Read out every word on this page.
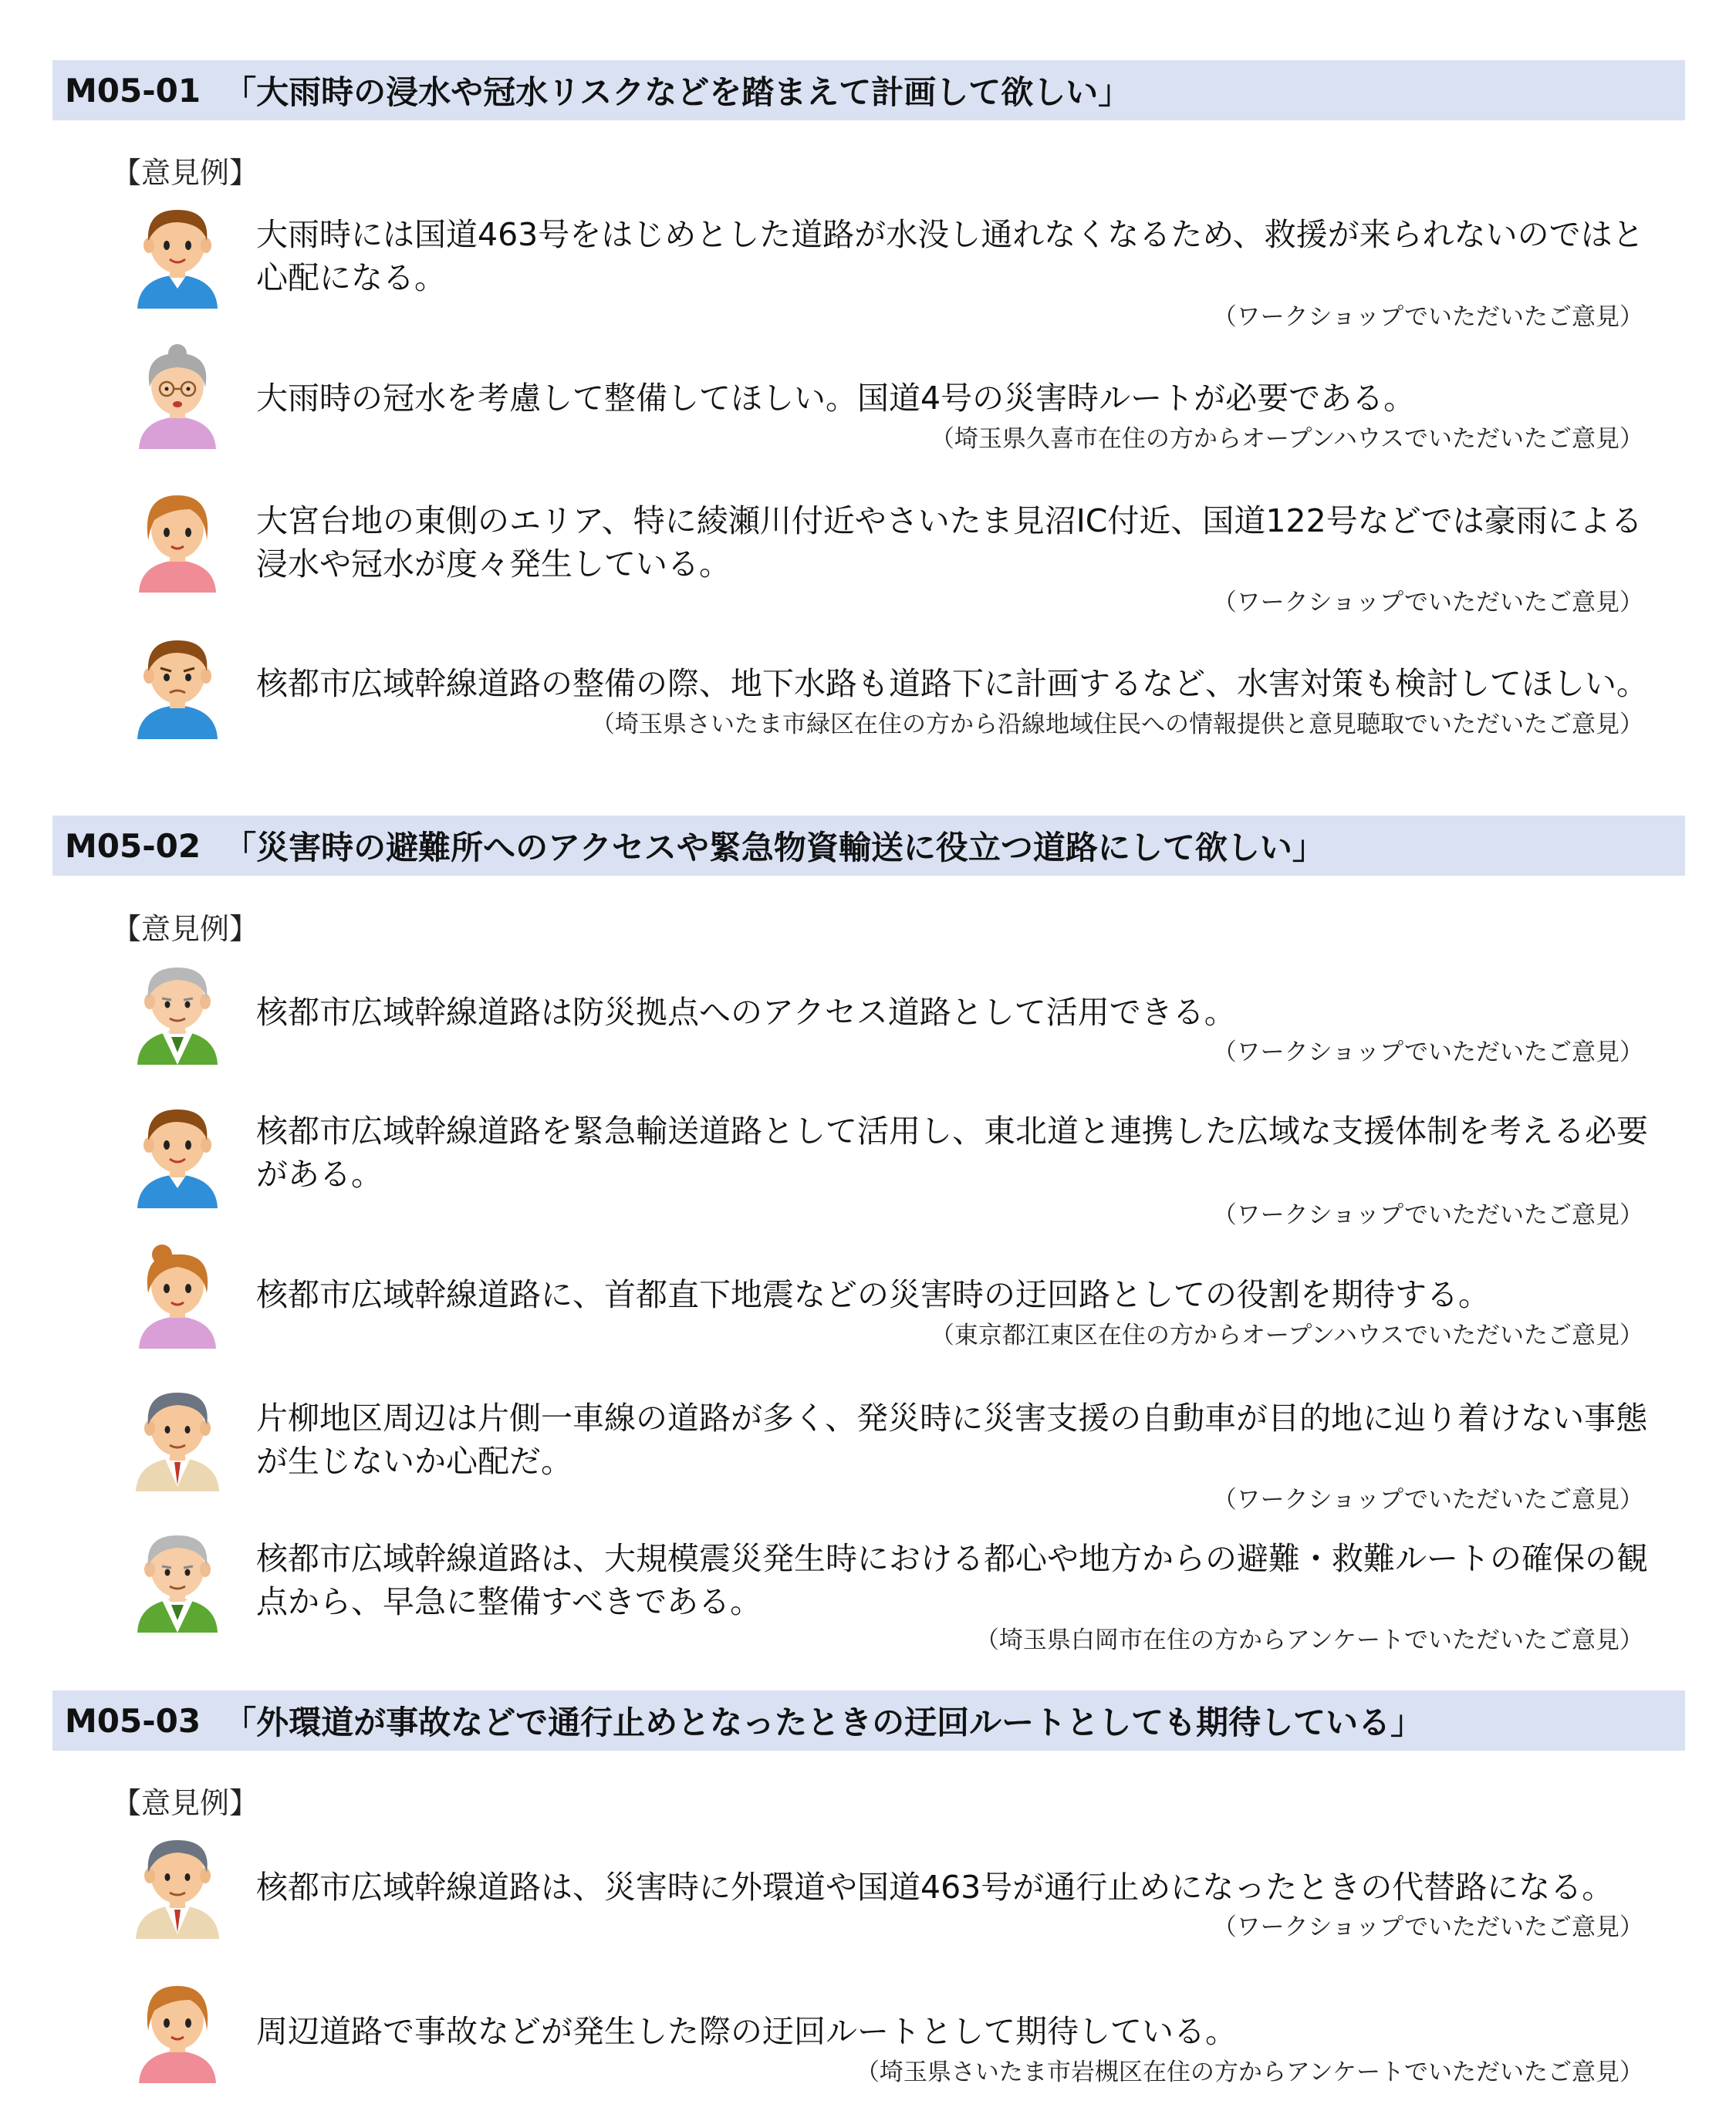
M05-01 「大雨時の浸水や冠水リスクなどを踏まえて計画して欲しい」
【意見例】
大雨時には国道463号をはじめとした道路が水没し通れなくなるため、救援が来られないのではと心配になる。
（ワークショップでいただいたご意見）
大雨時の冠水を考慮して整備してほしい。国道4号の災害時ルートが必要である。
（埼玉県久喜市在住の方からオープンハウスでいただいたご意見）
大宮台地の東側のエリア、特に綾瀬川付近やさいたま見沼IC付近、国道122号などでは豪雨による浸水や冠水が度々発生している。
（ワークショップでいただいたご意見）
核都市広域幹線道路の整備の際、地下水路も道路下に計画するなど、水害対策も検討してほしい。
（埼玉県さいたま市緑区在住の方から沿線地域住民への情報提供と意見聴取でいただいたご意見）
M05-02 「災害時の避難所へのアクセスや緊急物資輸送に役立つ道路にして欲しい」
【意見例】
核都市広域幹線道路は防災拠点へのアクセス道路として活用できる。
（ワークショップでいただいたご意見）
核都市広域幹線道路を緊急輸送道路として活用し、東北道と連携した広域な支援体制を考える必要がある。
（ワークショップでいただいたご意見）
核都市広域幹線道路に、首都直下地震などの災害時の迂回路としての役割を期待する。
（東京都江東区在住の方からオープンハウスでいただいたご意見）
片柳地区周辺は片側一車線の道路が多く、発災時に災害支援の自動車が目的地に辿り着けない事態が生じないか心配だ。
（ワークショップでいただいたご意見）
核都市広域幹線道路は、大規模震災発生時における都心や地方からの避難・救難ルートの確保の観点から、早急に整備すべきである。
（埼玉県白岡市在住の方からアンケートでいただいたご意見）
M05-03 「外環道が事故などで通行止めとなったときの迂回ルートとしても期待している」
【意見例】
核都市広域幹線道路は、災害時に外環道や国道463号が通行止めになったときの代替路になる。
（ワークショップでいただいたご意見）
周辺道路で事故などが発生した際の迂回ルートとして期待している。
（埼玉県さいたま市岩槻区在住の方からアンケートでいただいたご意見）
